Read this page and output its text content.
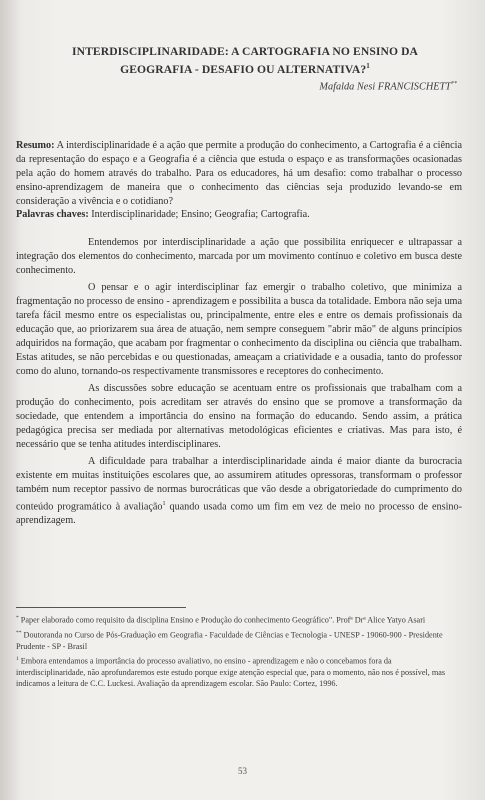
INTERDISCIPLINARIDADE: A CARTOGRAFIA NO ENSINO DA
GEOGRAFIA - DESAFIO OU ALTERNATIVA?$^1$
Mafalda Nesi FRANCISCHETT**
Resumo: A interdisciplinaridade é a ação que permite a produção do conhecimento, a Cartografia é a ciência da representação do espaço e a Geografia é a ciência que estuda o espaço e as transformações ocasionadas pela ação do homem através do trabalho. Para os educadores, há um desafio: como trabalhar o processo ensino-aprendizagem de maneira que o conhecimento das ciências seja produzido levando-se em consideração a vivência e o cotidiano?
Palavras chaves: Interdisciplinaridade; Ensino; Geografia; Cartografia.

Entendemos por interdisciplinaridade a ação que possibilita enriquecer e ultrapassar a integração dos elementos do conhecimento, marcada por um movimento contínuo e coletivo em busca deste conhecimento.

O pensar e o agir interdisciplinar faz emergir o trabalho coletivo, que minimiza a fragmentação no processo de ensino - aprendizagem e possibilita a busca da totalidade. Embora não seja uma tarefa fácil mesmo entre os especialistas ou, principalmente, entre eles e entre os demais profissionais da educação que, ao priorizarem sua área de atuação, nem sempre conseguem "abrir mão" de alguns princípios adquiridos na formação, que acabam por fragmentar o conhecimento da disciplina ou ciência que trabalham. Estas atitudes, se não percebidas e ou questionadas, ameaçam a criatividade e a ousadia, tanto do professor como do aluno, tornando-os respectivamente transmissores e receptores do conhecimento.

As discussões sobre educação se acentuam entre os profissionais que trabalham com a produção do conhecimento, pois acreditam ser através do ensino que se promove a transformação da sociedade, que entendem a importância do ensino na formação do educando. Sendo assim, a prática pedagógica precisa ser mediada por alternativas metodológicas eficientes e criativas. Mas para isto, é necessário que se tenha atitudes interdisciplinares.

A dificuldade para trabalhar a interdisciplinaridade ainda é maior diante da burocracia existente em muitas instituições escolares que, ao assumirem atitudes opressoras, transformam o professor também num receptor passivo de normas burocráticas que vão desde a obrigatoriedade do cumprimento do conteúdo programático à avaliação$^1$ quando usada como um fim em vez de meio no processo de ensino-aprendizagem.

* Paper elaborado como requisito da disciplina Ensino e Produção do conhecimento Geográfico". Profª Drª Alice Yatyo Asari
** Doutoranda no Curso de Pós-Graduação em Geografia - Faculdade de Ciências e Tecnologia - UNESP - 19060-900 - Presidente Prudente - SP - Brasil
$^1$ Embora entendamos a importância do processo avaliativo, no ensino - aprendizagem e não o concebamos fora da interdisciplinaridade, não aprofundaremos este estudo porque exige atenção especial que, para o momento, não nos é possível, mas indicamos a leitura de C.C. Luckesi. Avaliação da aprendizagem escolar. São Paulo: Cortez, 1996.
53
